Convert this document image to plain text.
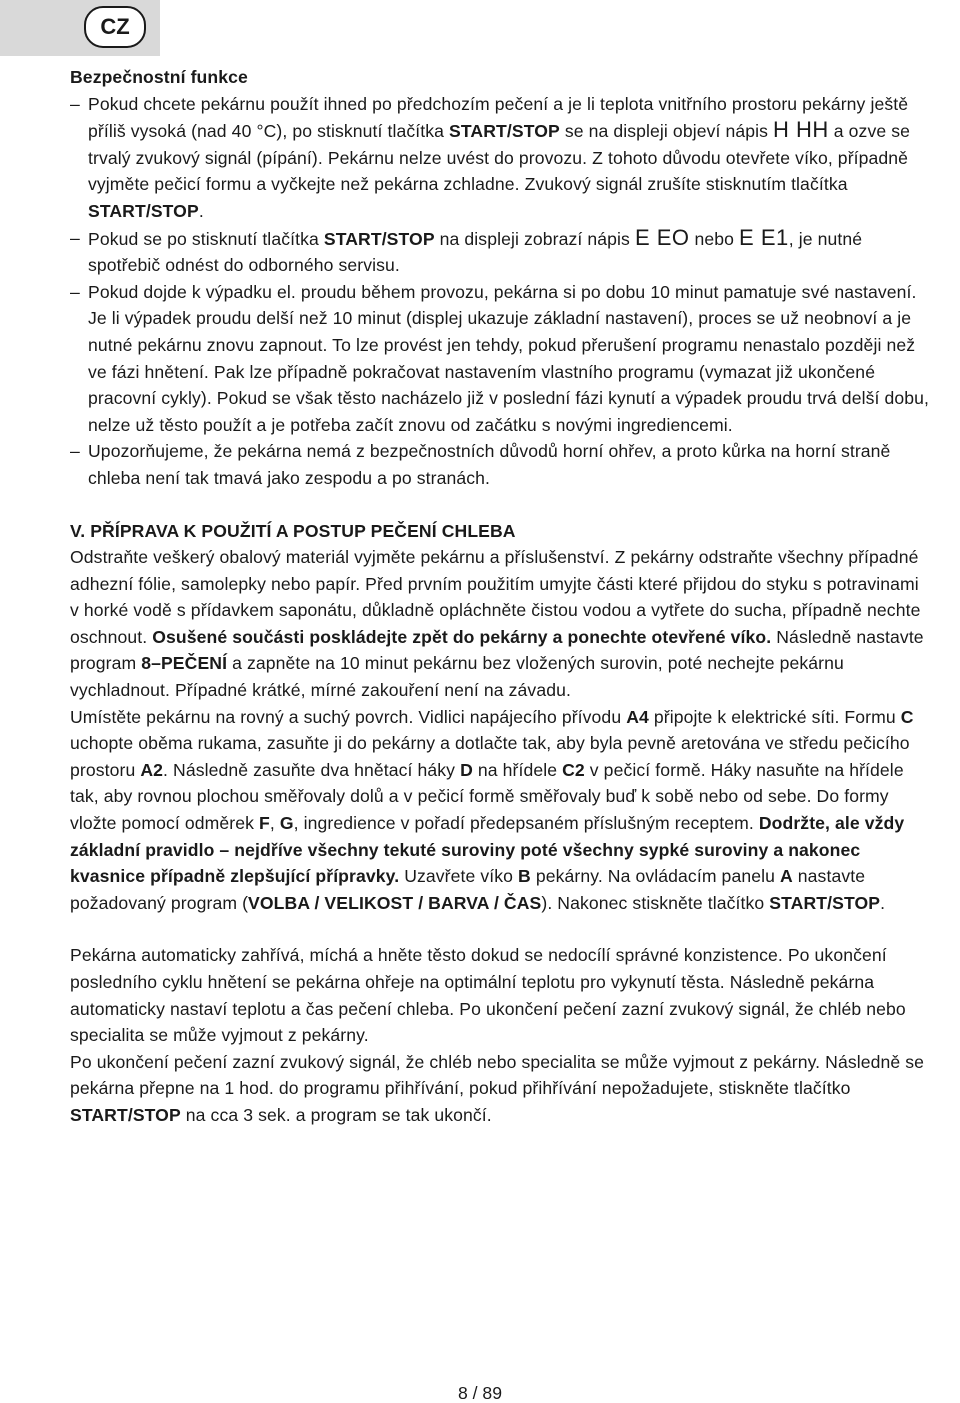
CZ

Bezpečnostní funkce

– Pokud chcete pekárnu použít ihned po předchozím pečení a je li teplota vnitřního prostoru pekárny ještě příliš vysoká (nad 40 °C), po stisknutí tlačítka START/STOP se na displeji objeví nápis H HH a ozve se trvalý zvukový signál (pípání). Pekárnu nelze uvést do provozu. Z tohoto důvodu otevřete víko, případně vyjměte pečicí formu a vyčkejte než pekárna zchladne. Zvukový signál zrušíte stisknutím tlačítka START/STOP.

– Pokud se po stisknutí tlačítka START/STOP na displeji zobrazí nápis E EO nebo E E1, je nutné spotřebič odnést do odborného servisu.

– Pokud dojde k výpadku el. proudu během provozu, pekárna si po dobu 10 minut pamatuje své nastavení. Je li výpadek proudu delší než 10 minut (displej ukazuje základní nastavení), proces se už neobnoví a je nutné pekárnu znovu zapnout. To lze provést jen tehdy, pokud přerušení programu nenastalo později než ve fázi hnětení. Pak lze případně pokračovat nastavením vlastního programu (vymazat již ukončené pracovní cykly). Pokud se však těsto nacházelo již v poslední fázi kynutí a výpadek proudu trvá delší dobu, nelze už těsto použít a je potřeba začít znovu od začátku s novými ingrediencemi.

– Upozorňujeme, že pekárna nemá z bezpečnostních důvodů horní ohřev, a proto kůrka na horní straně chleba není tak tmavá jako zespodu a po stranách.

V. PŘÍPRAVA K POUŽITÍ A POSTUP PEČENÍ CHLEBA

Odstraňte veškerý obalový materiál vyjměte pekárnu a příslušenství. Z pekárny odstraňte všechny případné adhezní fólie, samolepky nebo papír. Před prvním použitím umyjte části které přijdou do styku s potravinami v horké vodě s přídavkem saponátu, důkladně opláchněte čistou vodou a vytřete do sucha, případně nechte oschnout. Osušené součásti poskládejte zpět do pekárny a ponechte otevřené víko. Následně nastavte program 8–PEČENÍ a zapněte na 10 minut pekárnu bez vložených surovin, poté nechejte pekárnu vychladnout. Případné krátké, mírné zakouření není na závadu.

Umístěte pekárnu na rovný a suchý povrch. Vidlici napájecího přívodu A4 připojte k elektrické síti. Formu C uchopte oběma rukama, zasuňte ji do pekárny a dotlačte tak, aby byla pevně aretována ve středu pečicího prostoru A2. Následně zasuňte dva hnětací háky D na hřídele C2 v pečicí formě. Háky nasuňte na hřídele tak, aby rovnou plochou směřovaly dolů a v pečicí formě směřovaly buď k sobě nebo od sebe. Do formy vložte pomocí odměrek F, G, ingredience v pořadí předepsaném příslušným receptem. Dodržte, ale vždy základní pravidlo – nejdříve všechny tekuté suroviny poté všechny sypké suroviny a nakonec kvasnice případně zlepšující přípravky. Uzavřete víko B pekárny. Na ovládacím panelu A nastavte požadovaný program (VOLBA / VELIKOST / BARVA / ČAS). Nakonec stiskněte tlačítko START/STOP.

Pekárna automaticky zahřívá, míchá a hněte těsto dokud se nedocílí správné konzistence. Po ukončení posledního cyklu hnětení se pekárna ohřeje na optimální teplotu pro vykynutí těsta. Následně pekárna automaticky nastaví teplotu a čas pečení chleba. Po ukončení pečení zazní zvukový signál, že chléb nebo specialita se může vyjmout z pekárny.

Po ukončení pečení zazní zvukový signál, že chléb nebo specialita se může vyjmout z pekárny. Následně se pekárna přepne na 1 hod. do programu přihřívání, pokud přihřívání nepožadujete, stiskněte tlačítko START/STOP na cca 3 sek. a program se tak ukončí.

8 / 89
